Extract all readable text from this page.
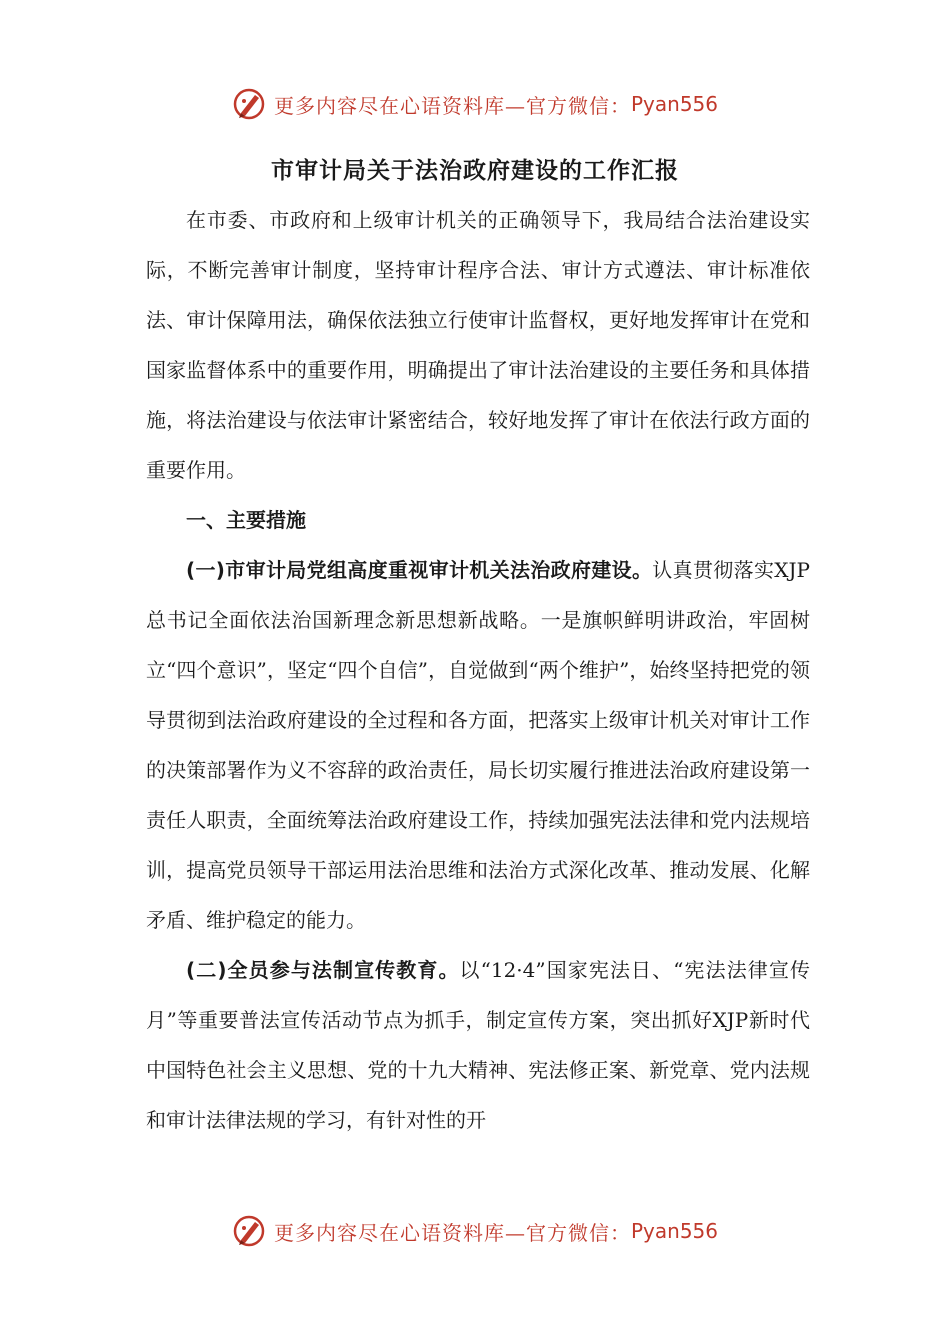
更多内容尽在心语资料库—官方微信： Pyan556
市审计局关于法治政府建设的工作汇报

在市委、市政府和上级审计机关的正确领导下，我局结合法治建设实际，不断完善审计制度，坚持审计程序合法、审计方式遵法、审计标准依法、审计保障用法，确保依法独立行使审计监督权，更好地发挥审计在党和国家监督体系中的重要作用，明确提出了审计法治建设的主要任务和具体措施，将法治建设与依法审计紧密结合，较好地发挥了审计在依法行政方面的重要作用。

一、主要措施

(一)市审计局党组高度重视审计机关法治政府建设。认真贯彻落实XJP总书记全面依法治国新理念新思想新战略。一是旗帜鲜明讲政治，牢固树立“四个意识”，坚定“四个自信”，自觉做到“两个维护”，始终坚持把党的领导贯彻到法治政府建设的全过程和各方面，把落实上级审计机关对审计工作的决策部署作为义不容辞的政治责任，局长切实履行推进法治政府建设第一责任人职责，全面统筹法治政府建设工作，持续加强宪法法律和党内法规培训，提高党员领导干部运用法治思维和法治方式深化改革、推动发展、化解矛盾、维护稳定的能力。

(二)全员参与法制宣传教育。以“12·4”国家宪法日、“宪法法律宣传月”等重要普法宣传活动节点为抓手，制定宣传方案，突出抓好XJP新时代中国特色社会主义思想、党的十九大精神、宪法修正案、新党章、党内法规和审计法律法规的学习，有针对性的开

更多内容尽在心语资料库—官方微信： Pyan556
